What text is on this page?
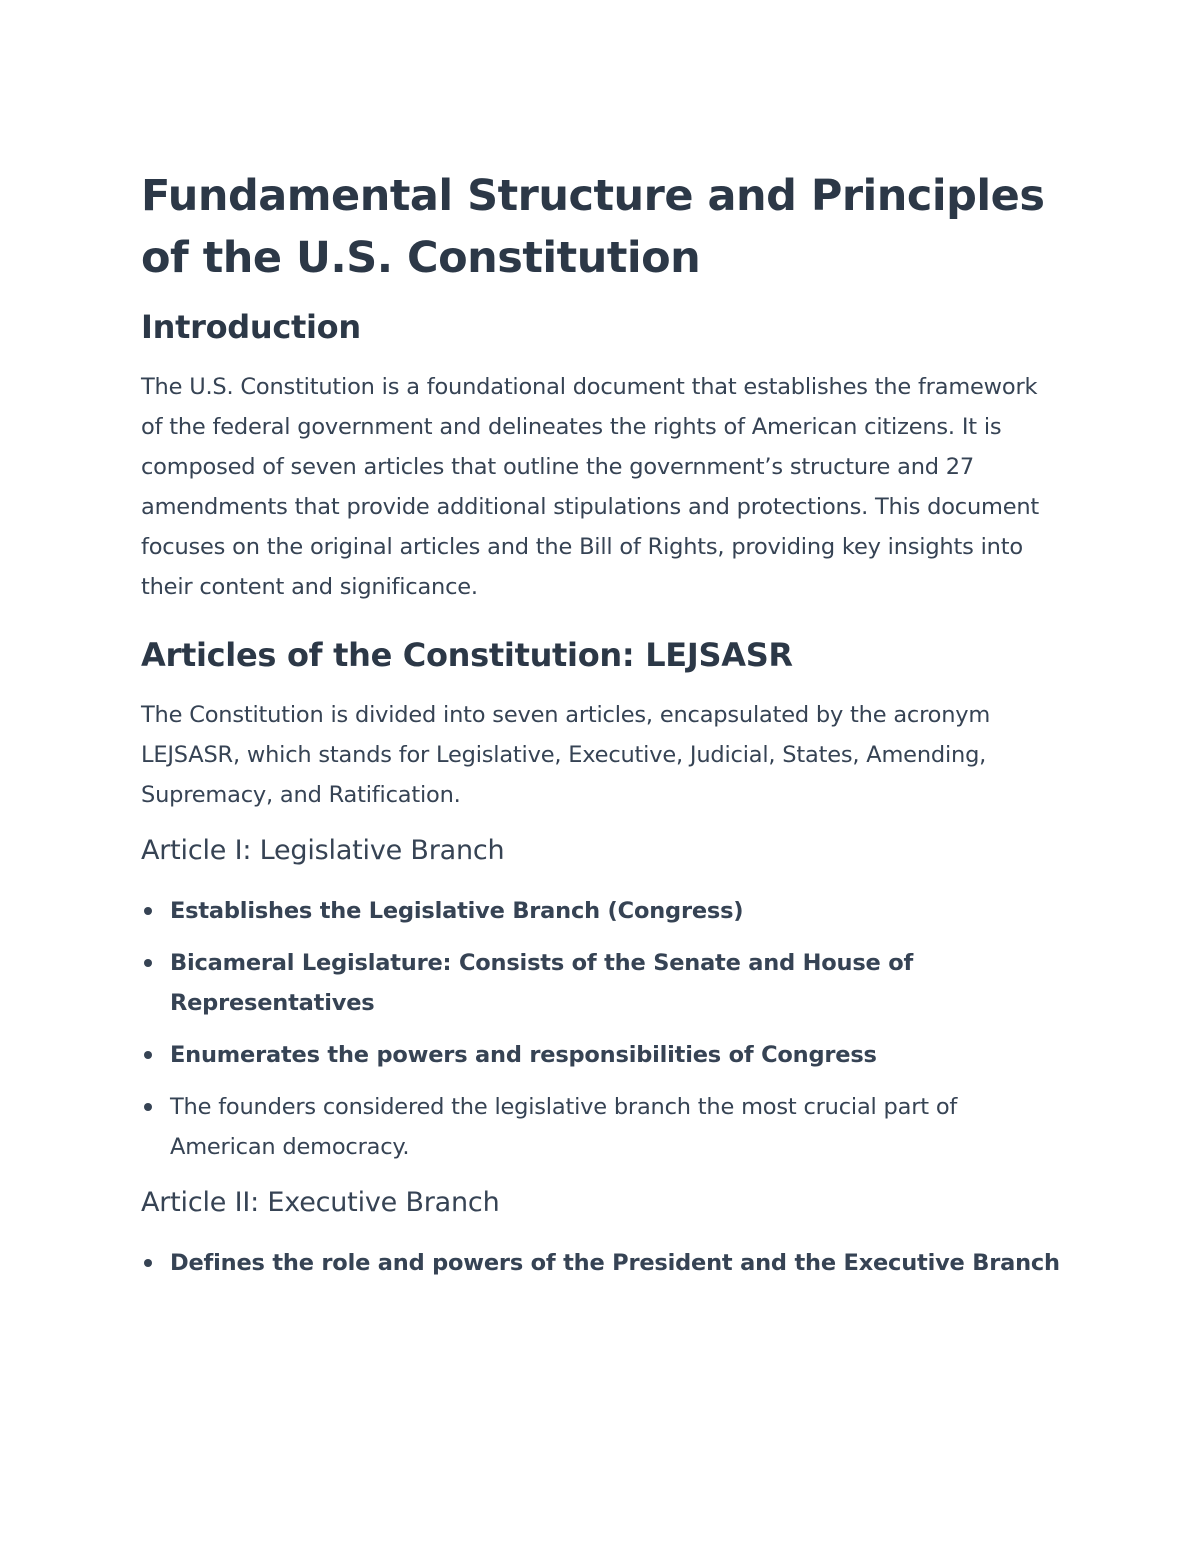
Fundamental Structure and Principles of the U.S. Constitution
Introduction

The U.S. Constitution is a foundational document that establishes the framework of the federal government and delineates the rights of American citizens. It is composed of seven articles that outline the government’s structure and 27 amendments that provide additional stipulations and protections. This document focuses on the original articles and the Bill of Rights, providing key insights into their content and significance.

Articles of the Constitution: LEJSASR

The Constitution is divided into seven articles, encapsulated by the acronym LEJSASR, which stands for Legislative, Executive, Judicial, States, Amending, Supremacy, and Ratification.

Article I: Legislative Branch
Establishes the Legislative Branch (Congress)
Bicameral Legislature: Consists of the Senate and House of Representatives
Enumerates the powers and responsibilities of Congress
The founders considered the legislative branch the most crucial part of American democracy.
Article II: Executive Branch
Defines the role and powers of the President and the Executive Branch
